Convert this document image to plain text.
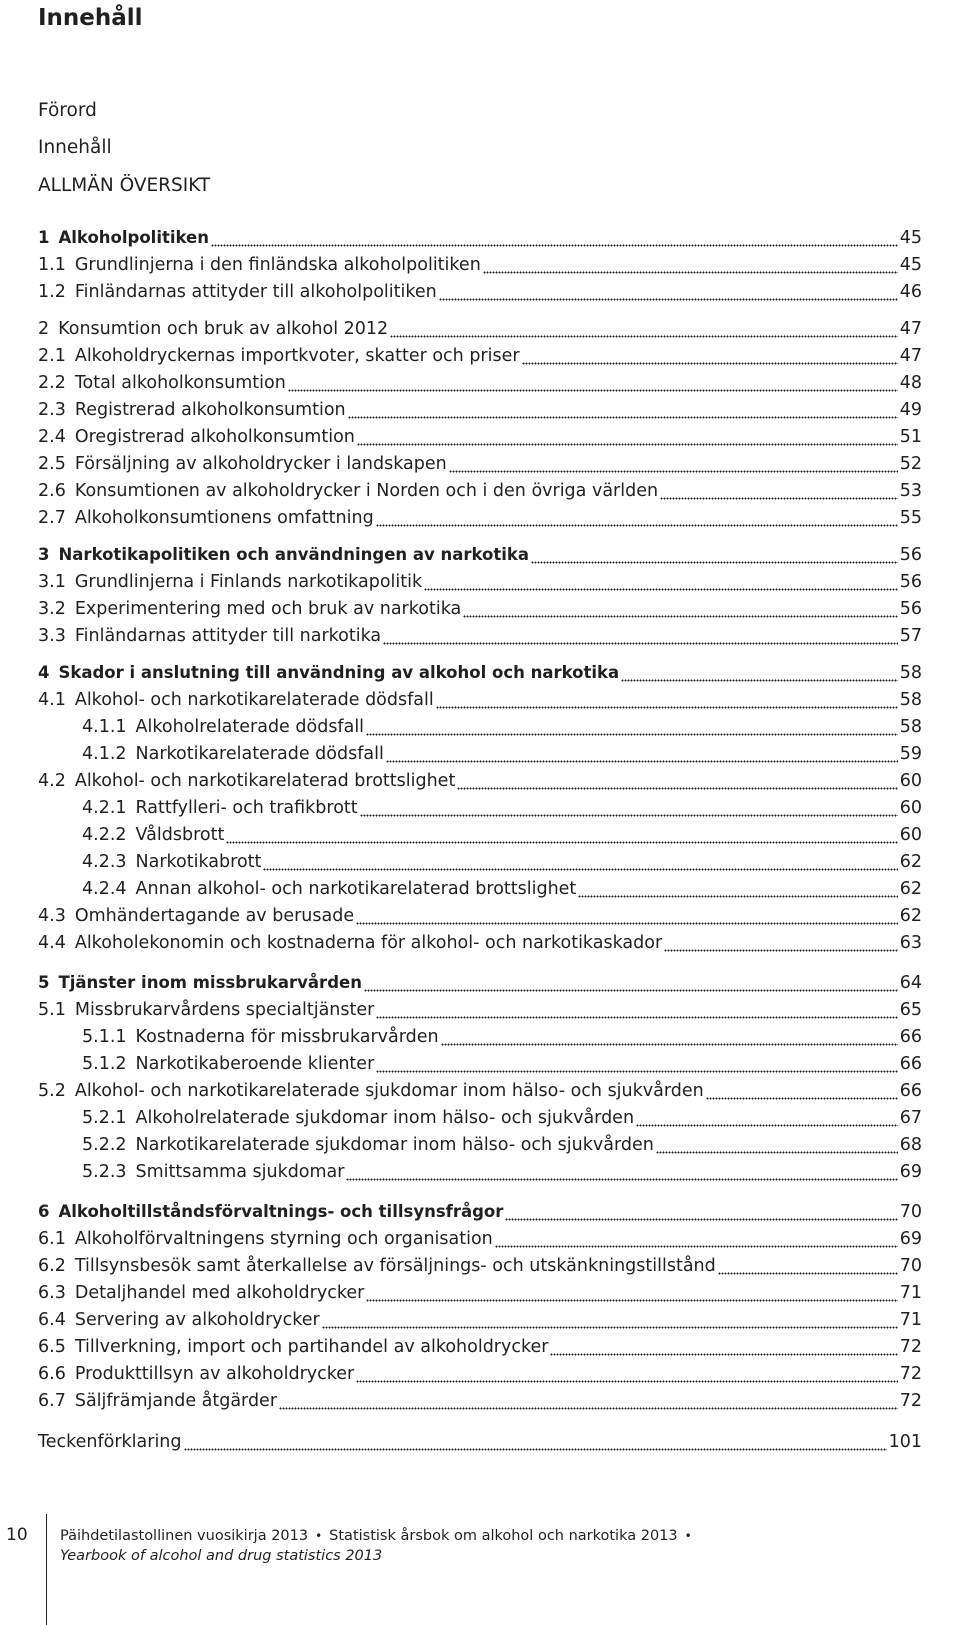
Innehåll
Förord
Innehåll
ALLMÄN ÖVERSIKT
1 Alkoholpolitiken	45
1.1 Grundlinjerna i den finländska alkoholpolitiken	45
1.2 Finländarnas attityder till alkoholpolitiken	46
2 Konsumtion och bruk av alkohol 2012	47
2.1 Alkoholdryckernas importkvoter, skatter och priser	47
2.2 Total alkoholkonsumtion	48
2.3 Registrerad alkoholkonsumtion	49
2.4 Oregistrerad alkoholkonsumtion	51
2.5 Försäljning av alkoholdrycker i landskapen	52
2.6 Konsumtionen av alkoholdrycker i Norden och i den övriga världen	53
2.7 Alkoholkonsumtionens omfattning	55
3 Narkotikapolitiken och användningen av narkotika	56
3.1 Grundlinjerna i Finlands narkotikapolitik	56
3.2 Experimentering med och bruk av narkotika	56
3.3 Finländarnas attityder till narkotika	57
4 Skador i anslutning till användning av alkohol och narkotika	58
4.1 Alkohol- och narkotikarelaterade dödsfall	58
4.1.1 Alkoholrelaterade dödsfall	58
4.1.2 Narkotikarelaterade dödsfall	59
4.2 Alkohol- och narkotikarelaterad brottslighet	60
4.2.1 Rattfylleri- och trafikbrott	60
4.2.2 Våldsbrott	60
4.2.3 Narkotikabrott	62
4.2.4 Annan alkohol- och narkotikarelaterad brottslighet	62
4.3 Omhändertagande av berusade	62
4.4 Alkoholekonomin och kostnaderna för alkohol- och narkotikaskador	63
5 Tjänster inom missbrukarvården	64
5.1 Missbrukarvårdens specialtjänster	65
5.1.1 Kostnaderna för missbrukarvården	66
5.1.2 Narkotikaberoende klienter	66
5.2 Alkohol- och narkotikarelaterade sjukdomar inom hälso- och sjukvården	66
5.2.1 Alkoholrelaterade sjukdomar inom hälso- och sjukvården	67
5.2.2 Narkotikarelaterade sjukdomar inom hälso- och sjukvården	68
5.2.3 Smittsamma sjukdomar	69
6 Alkoholtillståndsförvaltnings- och tillsynsfrågor	70
6.1 Alkoholförvaltningens styrning och organisation	69
6.2 Tillsynsbesök samt återkallelse av försäljnings- och utskänkningstillstånd	70
6.3 Detaljhandel med alkoholdrycker	71
6.4 Servering av alkoholdrycker	71
6.5 Tillverkning, import och partihandel av alkoholdrycker	72
6.6 Produkttillsyn av alkoholdrycker	72
6.7 Säljfrämjande åtgärder	72
Teckenförklaring	101
10 Päihdetilastollinen vuosikirja 2013 • Statistisk årsbok om alkohol och narkotika 2013 •
Yearbook of alcohol and drug statistics 2013
